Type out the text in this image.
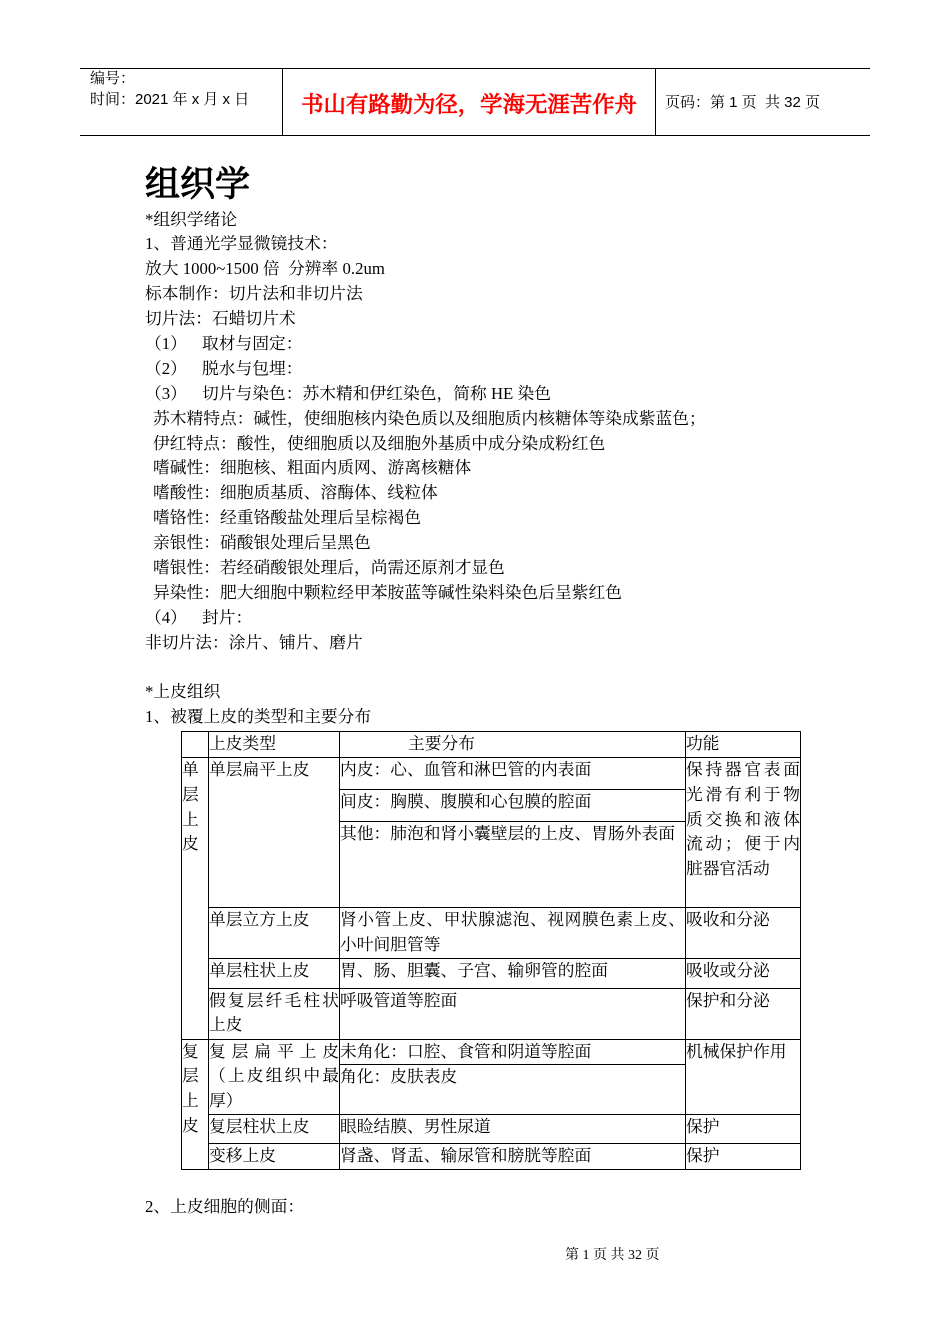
编号：
时间：2021 年 x 月 x 日	书山有路勤为径，学海无涯苦作舟	页码：第 1 页  共 32 页
组织学
*组织学绪论
1、普通光学显微镜技术：
放大 1000~1500 倍  分辨率 0.2um
标本制作：切片法和非切片法
切片法：石蜡切片术
（1） 取材与固定：
（2） 脱水与包埋：
（3） 切片与染色：苏木精和伊红染色，简称 HE 染色
苏木精特点：碱性，使细胞核内染色质以及细胞质内核糖体等染成紫蓝色；
伊红特点：酸性，使细胞质以及细胞外基质中成分染成粉红色
嗜碱性：细胞核、粗面内质网、游离核糖体
嗜酸性：细胞质基质、溶酶体、线粒体
嗜铬性：经重铬酸盐处理后呈棕褐色
亲银性：硝酸银处理后呈黑色
嗜银性：若经硝酸银处理后，尚需还原剂才显色
异染性：肥大细胞中颗粒经甲苯胺蓝等碱性染料染色后呈紫红色
（4） 封片：
非切片法：涂片、铺片、磨片
*上皮组织
1、被覆上皮的类型和主要分布
	上皮类型	主要分布	功能
单层上皮	单层扁平上皮	内皮：心、血管和淋巴管的内表面	保持器官表面光滑有利于物质交换和液体流动；便于内脏器官活动
		间皮：胸膜、腹膜和心包膜的腔面	
		其他：肺泡和肾小囊壁层的上皮、胃肠外表面	
	单层立方上皮	肾小管上皮、甲状腺滤泡、视网膜色素上皮、小叶间胆管等	吸收和分泌
	单层柱状上皮	胃、肠、胆囊、子宫、输卵管的腔面	吸收或分泌
	假复层纤毛柱状上皮	呼吸管道等腔面	保护和分泌
复层上皮	复层扁平上皮（上皮组织中最厚）	未角化：口腔、食管和阴道等腔面	机械保护作用
		角化：皮肤表皮	
	复层柱状上皮	眼睑结膜、男性尿道	保护
	变移上皮	肾盏、肾盂、输尿管和膀胱等腔面	保护
2、上皮细胞的侧面：
第 1 页 共 32 页
